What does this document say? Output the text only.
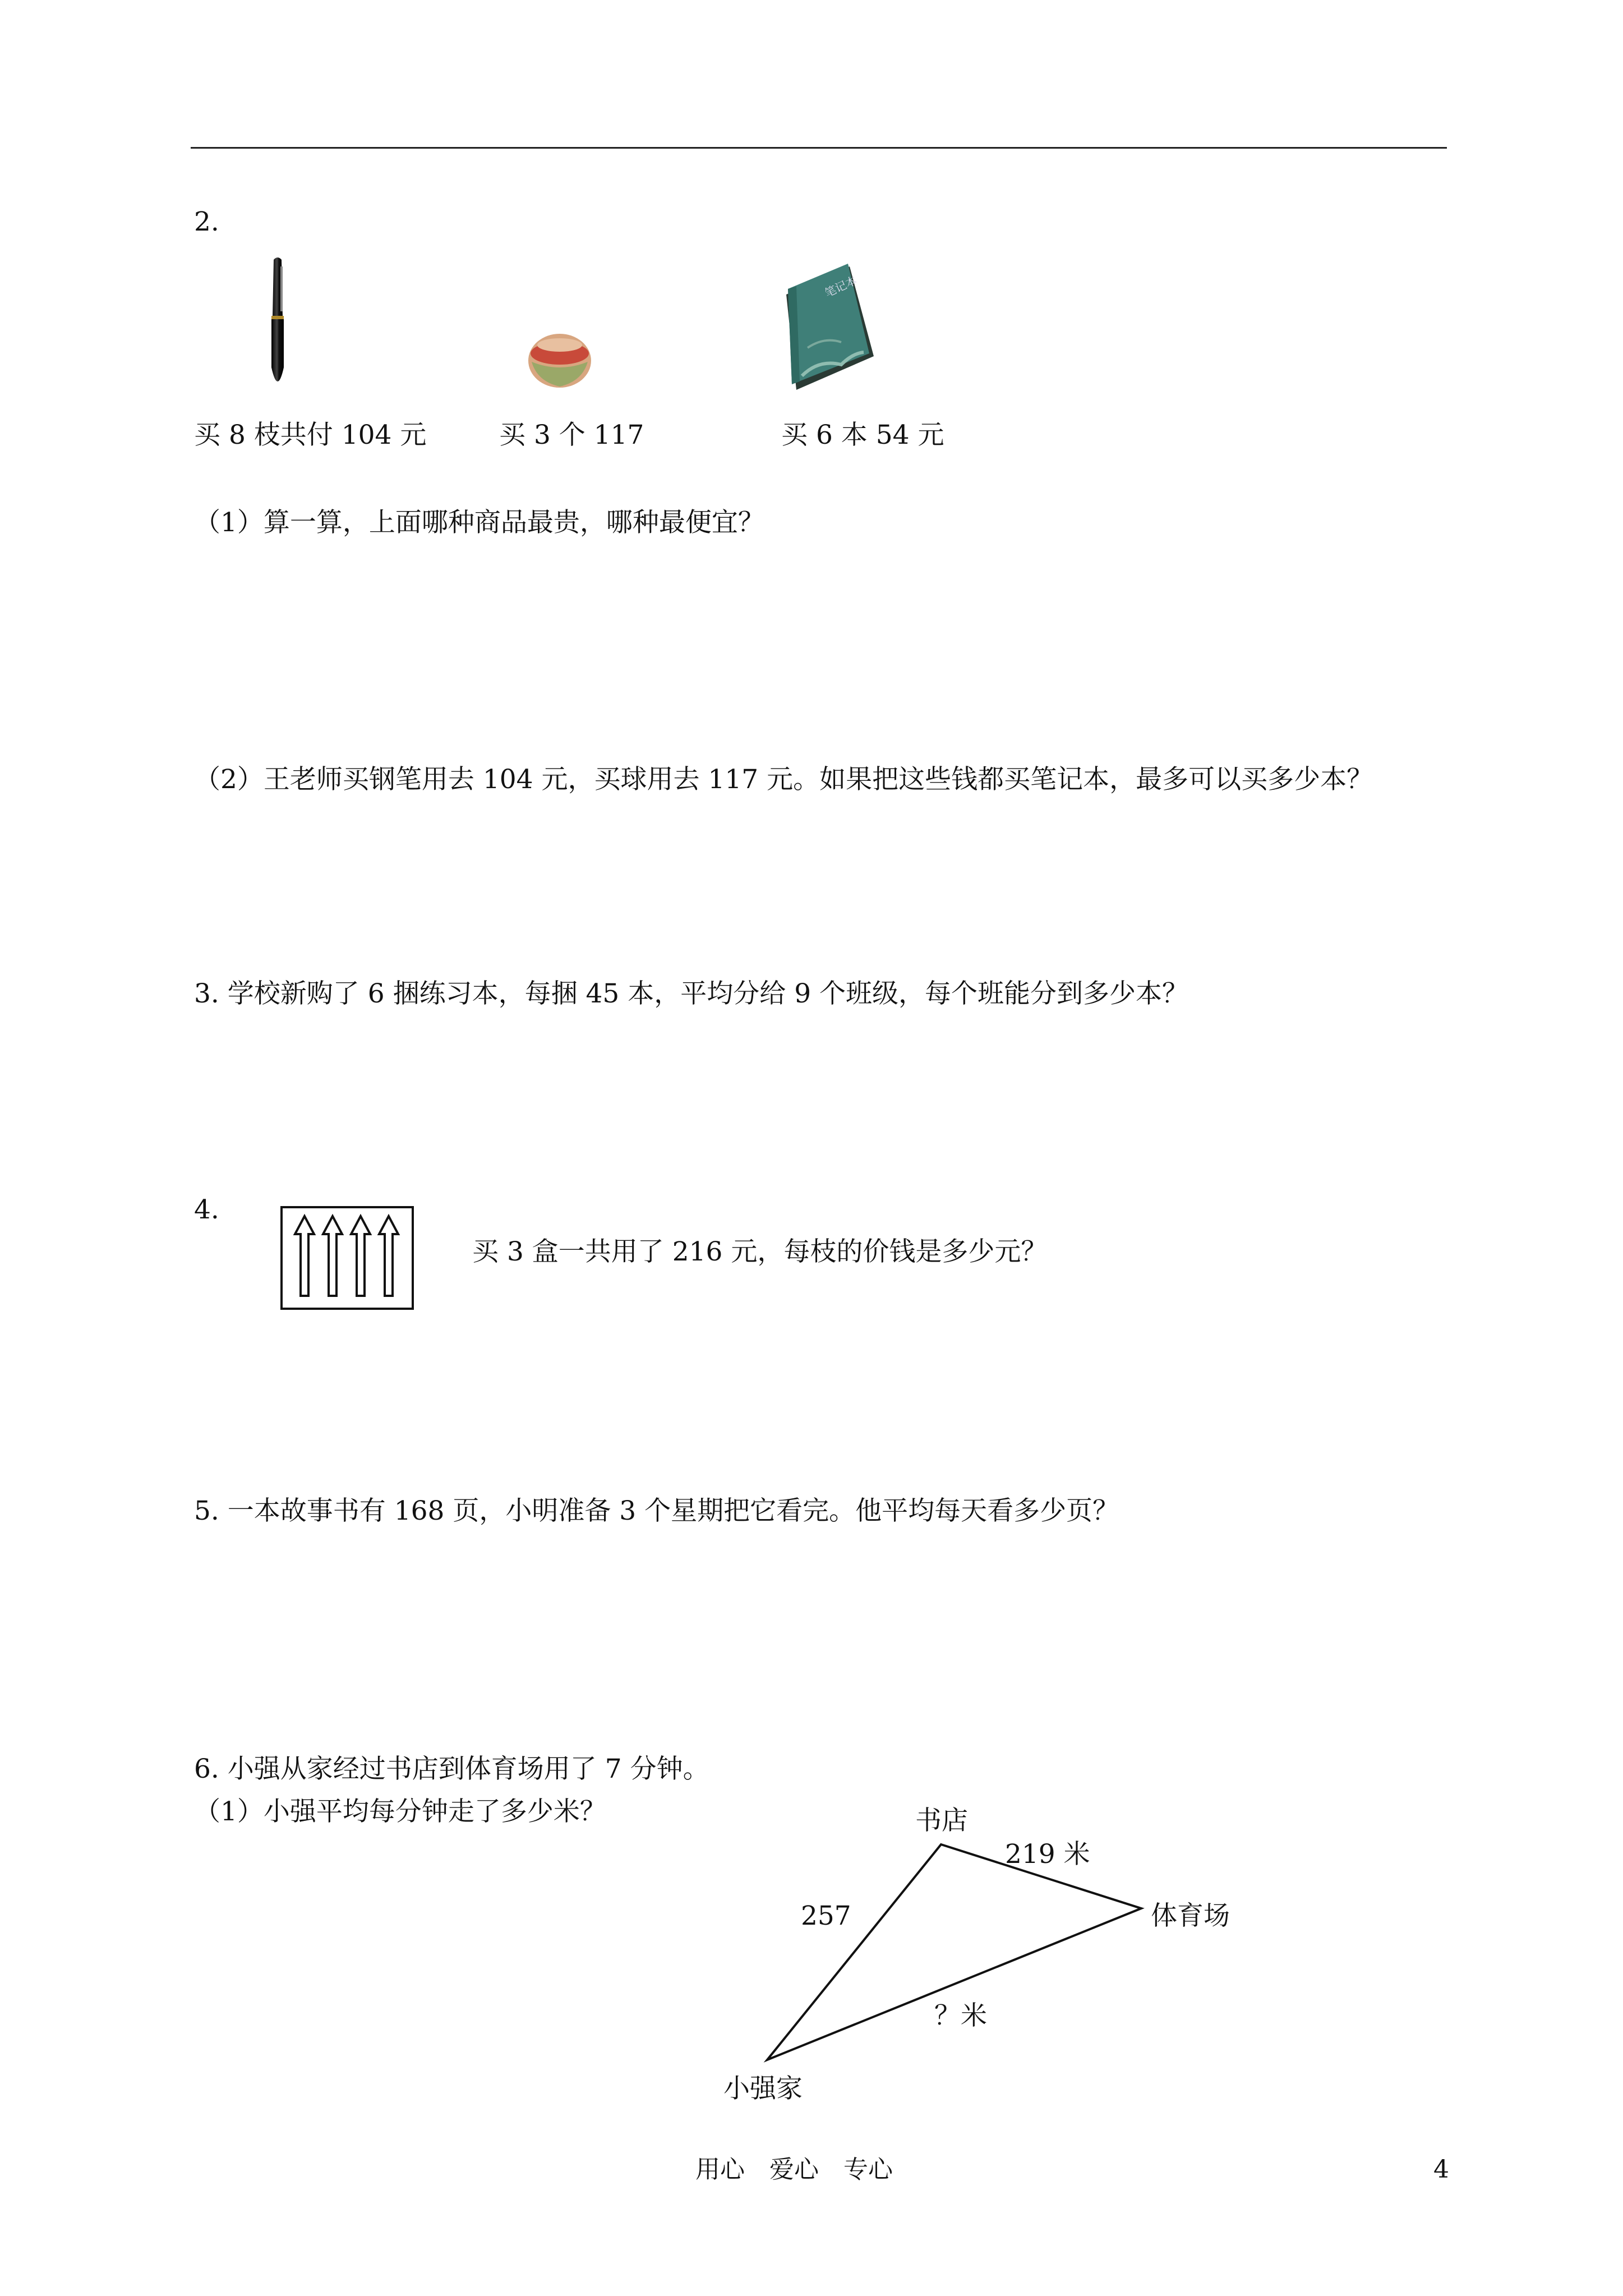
2.
笔记本
买 8 枝共付 104 元	买 3 个 117	买 6 本 54 元
（1）算一算，上面哪种商品最贵，哪种最便宜？
（2）王老师买钢笔用去 104 元，买球用去 117 元。如果把这些钱都买笔记本，最多可以买多少本？
3. 学校新购了 6 捆练习本，每捆 45 本，平均分给 9 个班级，每个班能分到多少本？
4.
买 3 盒一共用了 216 元，每枝的价钱是多少元？
5. 一本故事书有 168 页，小明准备 3 个星期把它看完。他平均每天看多少页？
6. 小强从家经过书店到体育场用了 7 分钟。
（1）小强平均每分钟走了多少米？	书店
219 米
257	体育场
？米
小强家
用心　爱心　专心	4
